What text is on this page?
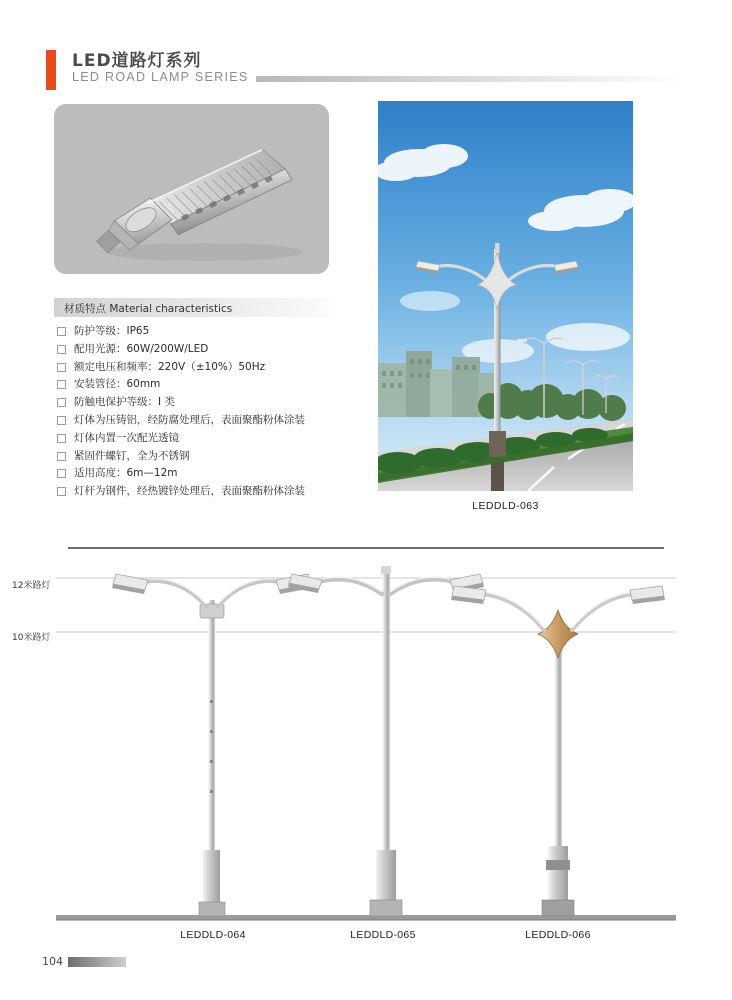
LED道路灯系列
LED ROAD LAMP SERIES
材质特点 Material characteristics
防护等级：IP65
配用光源：60W/200W/LED
额定电压和频率：220V（±10%）50Hz
安装管径：60mm
防触电保护等级：I 类
灯体为压铸铝，经防腐处理后，表面聚酯粉体涂装
灯体内置一次配光透镜
紧固件螺钉，全为不锈钢
适用高度：6m—12m
灯杆为钢件，经热镀锌处理后，表面聚酯粉体涂装
LEDDLD-063
12米路灯
10米路灯
LEDDLD-064	LEDDLD-065	LEDDLD-066
104
